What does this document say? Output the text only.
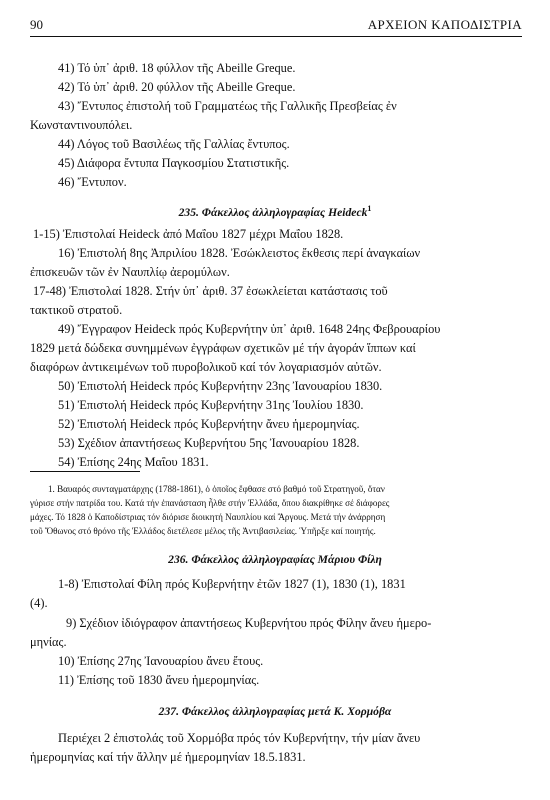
90	ΑΡΧΕΙΟΝ ΚΑΠΟΔΙΣΤΡΙΑ
41) Τό ὑπ᾽ ἀριθ. 18 φύλλον τῆς Abeille Greque.
42) Τό ὑπ᾽ ἀριθ. 20 φύλλον τῆς Abeille Greque.
43) Ἔντυπος ἐπιστολή τοῦ Γραμματέως τῆς Γαλλικῆς Πρεσβείας ἐν
Κωνσταντινουπόλει.
44) Λόγος τοῦ Βασιλέως τῆς Γαλλίας ἔντυπος.
45) Διάφορα ἔντυπα Παγκοσμίου Στατιστικῆς.
46) Ἔντυπον.
235. Φάκελλος ἀλληλογραφίας Heideck$^1$
1-15) Ἐπιστολαί Heideck ἀπό Μαΐου 1827 μέχρι Μαΐου 1828.
16) Ἐπιστολή 8ης Ἀπριλίου 1828. Ἐσώκλειστος ἔκθεσις περί ἀναγκαίων
ἐπισκευῶν τῶν ἐν Ναυπλίῳ ἀερομύλων.
17-48) Ἐπιστολαί 1828. Στήν ὑπ᾽ ἀριθ. 37 ἐσωκλείεται κατάστασις τοῦ
τακτικοῦ στρατοῦ.
49) Ἔγγραφον Heideck πρός Κυβερνήτην ὑπ᾽ ἀριθ. 1648 24ης Φεβρουαρίου
1829 μετά δώδεκα συνημμένων ἐγγράφων σχετικῶν μέ τήν ἀγοράν ἵππων καί
διαφόρων ἀντικειμένων τοῦ πυροβολικοῦ καί τόν λογαριασμόν αὐτῶν.
50) Ἐπιστολή Heideck πρός Κυβερνήτην 23ης Ἰανουαρίου 1830.
51) Ἐπιστολή Heideck πρός Κυβερνήτην 31ης Ἰουλίου 1830.
52) Ἐπιστολή Heideck πρός Κυβερνήτην ἄνευ ἡμερομηνίας.
53) Σχέδιον ἀπαντήσεως Κυβερνήτου 5ης Ἰανουαρίου 1828.
54) Ἐπίσης 24ης Μαΐου 1831.
1. Βαυαρός συνταγματάρχης (1788-1861), ὁ ὁποῖος ἔφθασε στό βαθμό τοῦ Στρατηγοῦ, ὅταν
γύρισε στήν πατρίδα του. Κατά τήν ἐπανάσταση ἦλθε στήν Ἑλλάδα, ὅπου διακρίθηκε σέ διάφορες
μάχες. Τό 1828 ὁ Καποδίστριας τόν διόρισε διοικητή Ναυπλίου καί Ἄργους. Μετά τήν ἀνάρρηση
τοῦ Ὄθωνος στό θρόνο τῆς Ἑλλάδος διετέλεσε μέλος τῆς Ἀντιβασιλείας. Ὑπῆρξε καί ποιητής.
236. Φάκελλος ἀλληλογραφίας Μάριου Φίλη
1-8) Ἐπιστολαί Φίλη πρός Κυβερνήτην ἐτῶν 1827 (1), 1830 (1), 1831
(4).
9) Σχέδιον ἰδιόγραφον ἀπαντήσεως Κυβερνήτου πρός Φίλην ἄνευ ἡμερο-
μηνίας.
10) Ἐπίσης 27ης Ἰανουαρίου ἄνευ ἔτους.
11) Ἐπίσης τοῦ 1830 ἄνευ ἡμερομηνίας.
237. Φάκελλος ἀλληλογραφίας μετά Κ. Χορμόβα
Περιέχει 2 ἐπιστολάς τοῦ Χορμόβα πρός τόν Κυβερνήτην, τήν μίαν ἄνευ
ἡμερομηνίας καί τήν ἄλλην μέ ἡμερομηνίαν 18.5.1831.
